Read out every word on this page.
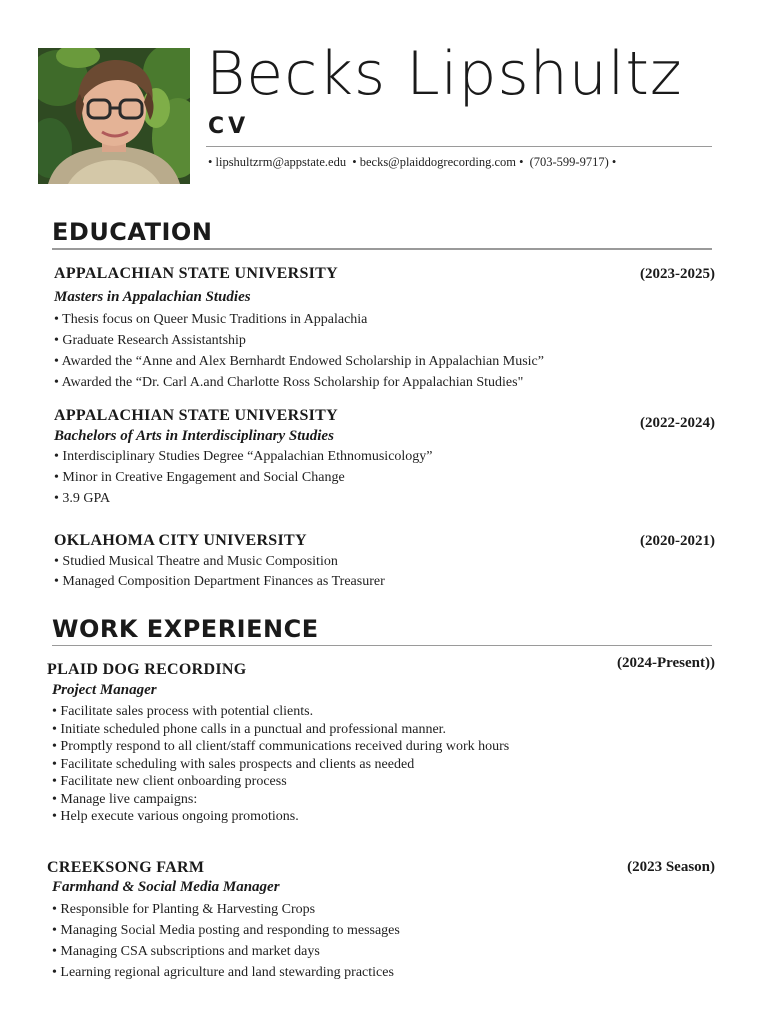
Becks Lipshultz
CV
• lipshultzrm@appstate.edu • becks@plaiddogrecording.com • (703-599-9717) •
EDUCATION
APPALACHIAN STATE UNIVERSITY	(2023-2025)
Masters in Appalachian Studies
• Thesis focus on Queer Music Traditions in Appalachia
• Graduate Research Assistantship
• Awarded the “Anne and Alex Bernhardt Endowed Scholarship in Appalachian Music”
• Awarded the “Dr. Carl A.and Charlotte Ross Scholarship for Appalachian Studies"
APPALACHIAN STATE UNIVERSITY	(2022-2024)
Bachelors of Arts in Interdisciplinary Studies
• Interdisciplinary Studies Degree “Appalachian Ethnomusicology”
• Minor in Creative Engagement and Social Change
• 3.9 GPA
OKLAHOMA CITY UNIVERSITY	(2020-2021)
• Studied Musical Theatre and Music Composition
• Managed Composition Department Finances as Treasurer
WORK EXPERIENCE
PLAID DOG RECORDING	(2024-Present))
Project Manager
• Facilitate sales process with potential clients.
• Initiate scheduled phone calls in a punctual and professional manner.
• Promptly respond to all client/staff communications received during work hours
• Facilitate scheduling with sales prospects and clients as needed
• Facilitate new client onboarding process
• Manage live campaigns:
• Help execute various ongoing promotions.
CREEKSONG FARM	(2023 Season)
Farmhand & Social Media Manager
• Responsible for Planting & Harvesting Crops
• Managing Social Media posting and responding to messages
• Managing CSA subscriptions and market days
• Learning regional agriculture and land stewarding practices
